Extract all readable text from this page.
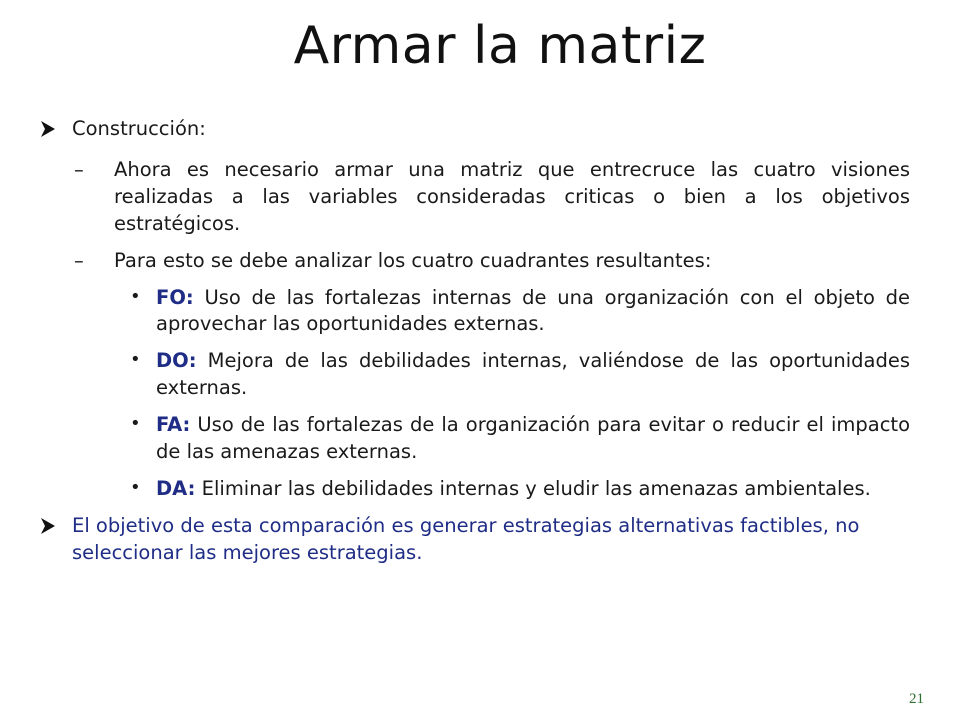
Armar la matriz
Construcción:
– Ahora es necesario armar una matriz que entrecruce las cuatro visiones realizadas a las variables consideradas criticas o bien a los objetivos estratégicos.
– Para esto se debe analizar los cuatro cuadrantes resultantes:
• FO: Uso de las fortalezas internas de una organización con el objeto de aprovechar las oportunidades externas.
• DO: Mejora de las debilidades internas, valiéndose de las oportunidades externas.
• FA: Uso de las fortalezas de la organización para evitar o reducir el impacto de las amenazas externas.
• DA: Eliminar las debilidades internas y eludir las amenazas ambientales.
El objetivo de esta comparación es generar estrategias alternativas factibles, no seleccionar las mejores estrategias.
21
